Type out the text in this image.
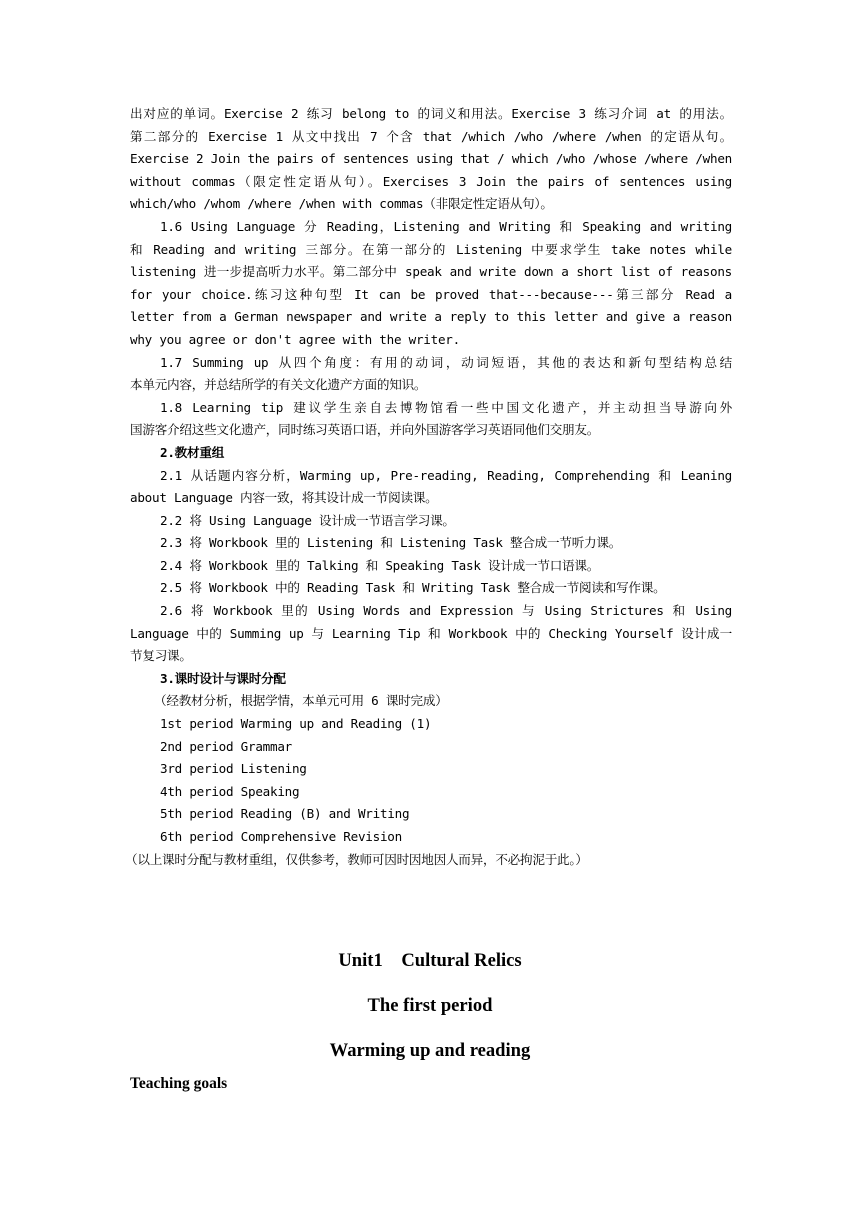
出对应的单词。Exercise 2 练习 belong to 的词义和用法。Exercise 3 练习介词 at 的用法。
第二部分的 Exercise 1 从文中找出 7 个含 that /which /who /where /when 的定语从句。
Exercise 2 Join the pairs of sentences using that / which /who /whose /where /when
without commas（限定性定语从句）。Exercises 3 Join the pairs of sentences using
which/who /whom /where /when with commas（非限定性定语从句）。
1.6 Using Language 分 Reading，Listening and Writing 和 Speaking and writing
和 Reading and writing 三部分。在第一部分的 Listening 中要求学生 take notes while
listening 进一步提高听力水平。第二部分中 speak and write down a short list of reasons
for your choice.练习这种句型 It can be proved that---because---第三部分 Read a
letter from a German newspaper and write a reply to this letter and give a reason
why you agree or don't agree with the writer.
1.7 Summing up 从四个角度：有用的动词，动词短语，其他的表达和新句型结构总结
本单元内容，并总结所学的有关文化遗产方面的知识。
1.8 Learning tip 建议学生亲自去博物馆看一些中国文化遗产，并主动担当导游向外
国游客介绍这些文化遗产，同时练习英语口语，并向外国游客学习英语同他们交朋友。
2.教材重组
2.1 从话题内容分析，Warming up, Pre-reading, Reading, Comprehending 和 Leaning
about Language 内容一致，将其设计成一节阅读课。
2.2 将 Using Language 设计成一节语言学习课。
2.3 将 Workbook 里的 Listening 和 Listening Task 整合成一节听力课。
2.4 将 Workbook 里的 Talking 和 Speaking Task 设计成一节口语课。
2.5 将 Workbook 中的 Reading Task 和 Writing Task 整合成一节阅读和写作课。
2.6 将 Workbook 里的 Using Words and Expression 与 Using Strictures 和 Using
Language 中的 Summing up 与 Learning Tip 和 Workbook 中的 Checking Yourself 设计成一
节复习课。
3.课时设计与课时分配
（经教材分析，根据学情，本单元可用 6 课时完成）
1st period Warming up and Reading (1)
2nd period Grammar
3rd period Listening
4th period Speaking
5th period Reading (B) and Writing
6th period Comprehensive Revision
（以上课时分配与教材重组，仅供参考，教师可因时因地因人而异，不必拘泥于此。）
Unit1　Cultural Relics
The first period
Warming up and reading
Teaching goals
